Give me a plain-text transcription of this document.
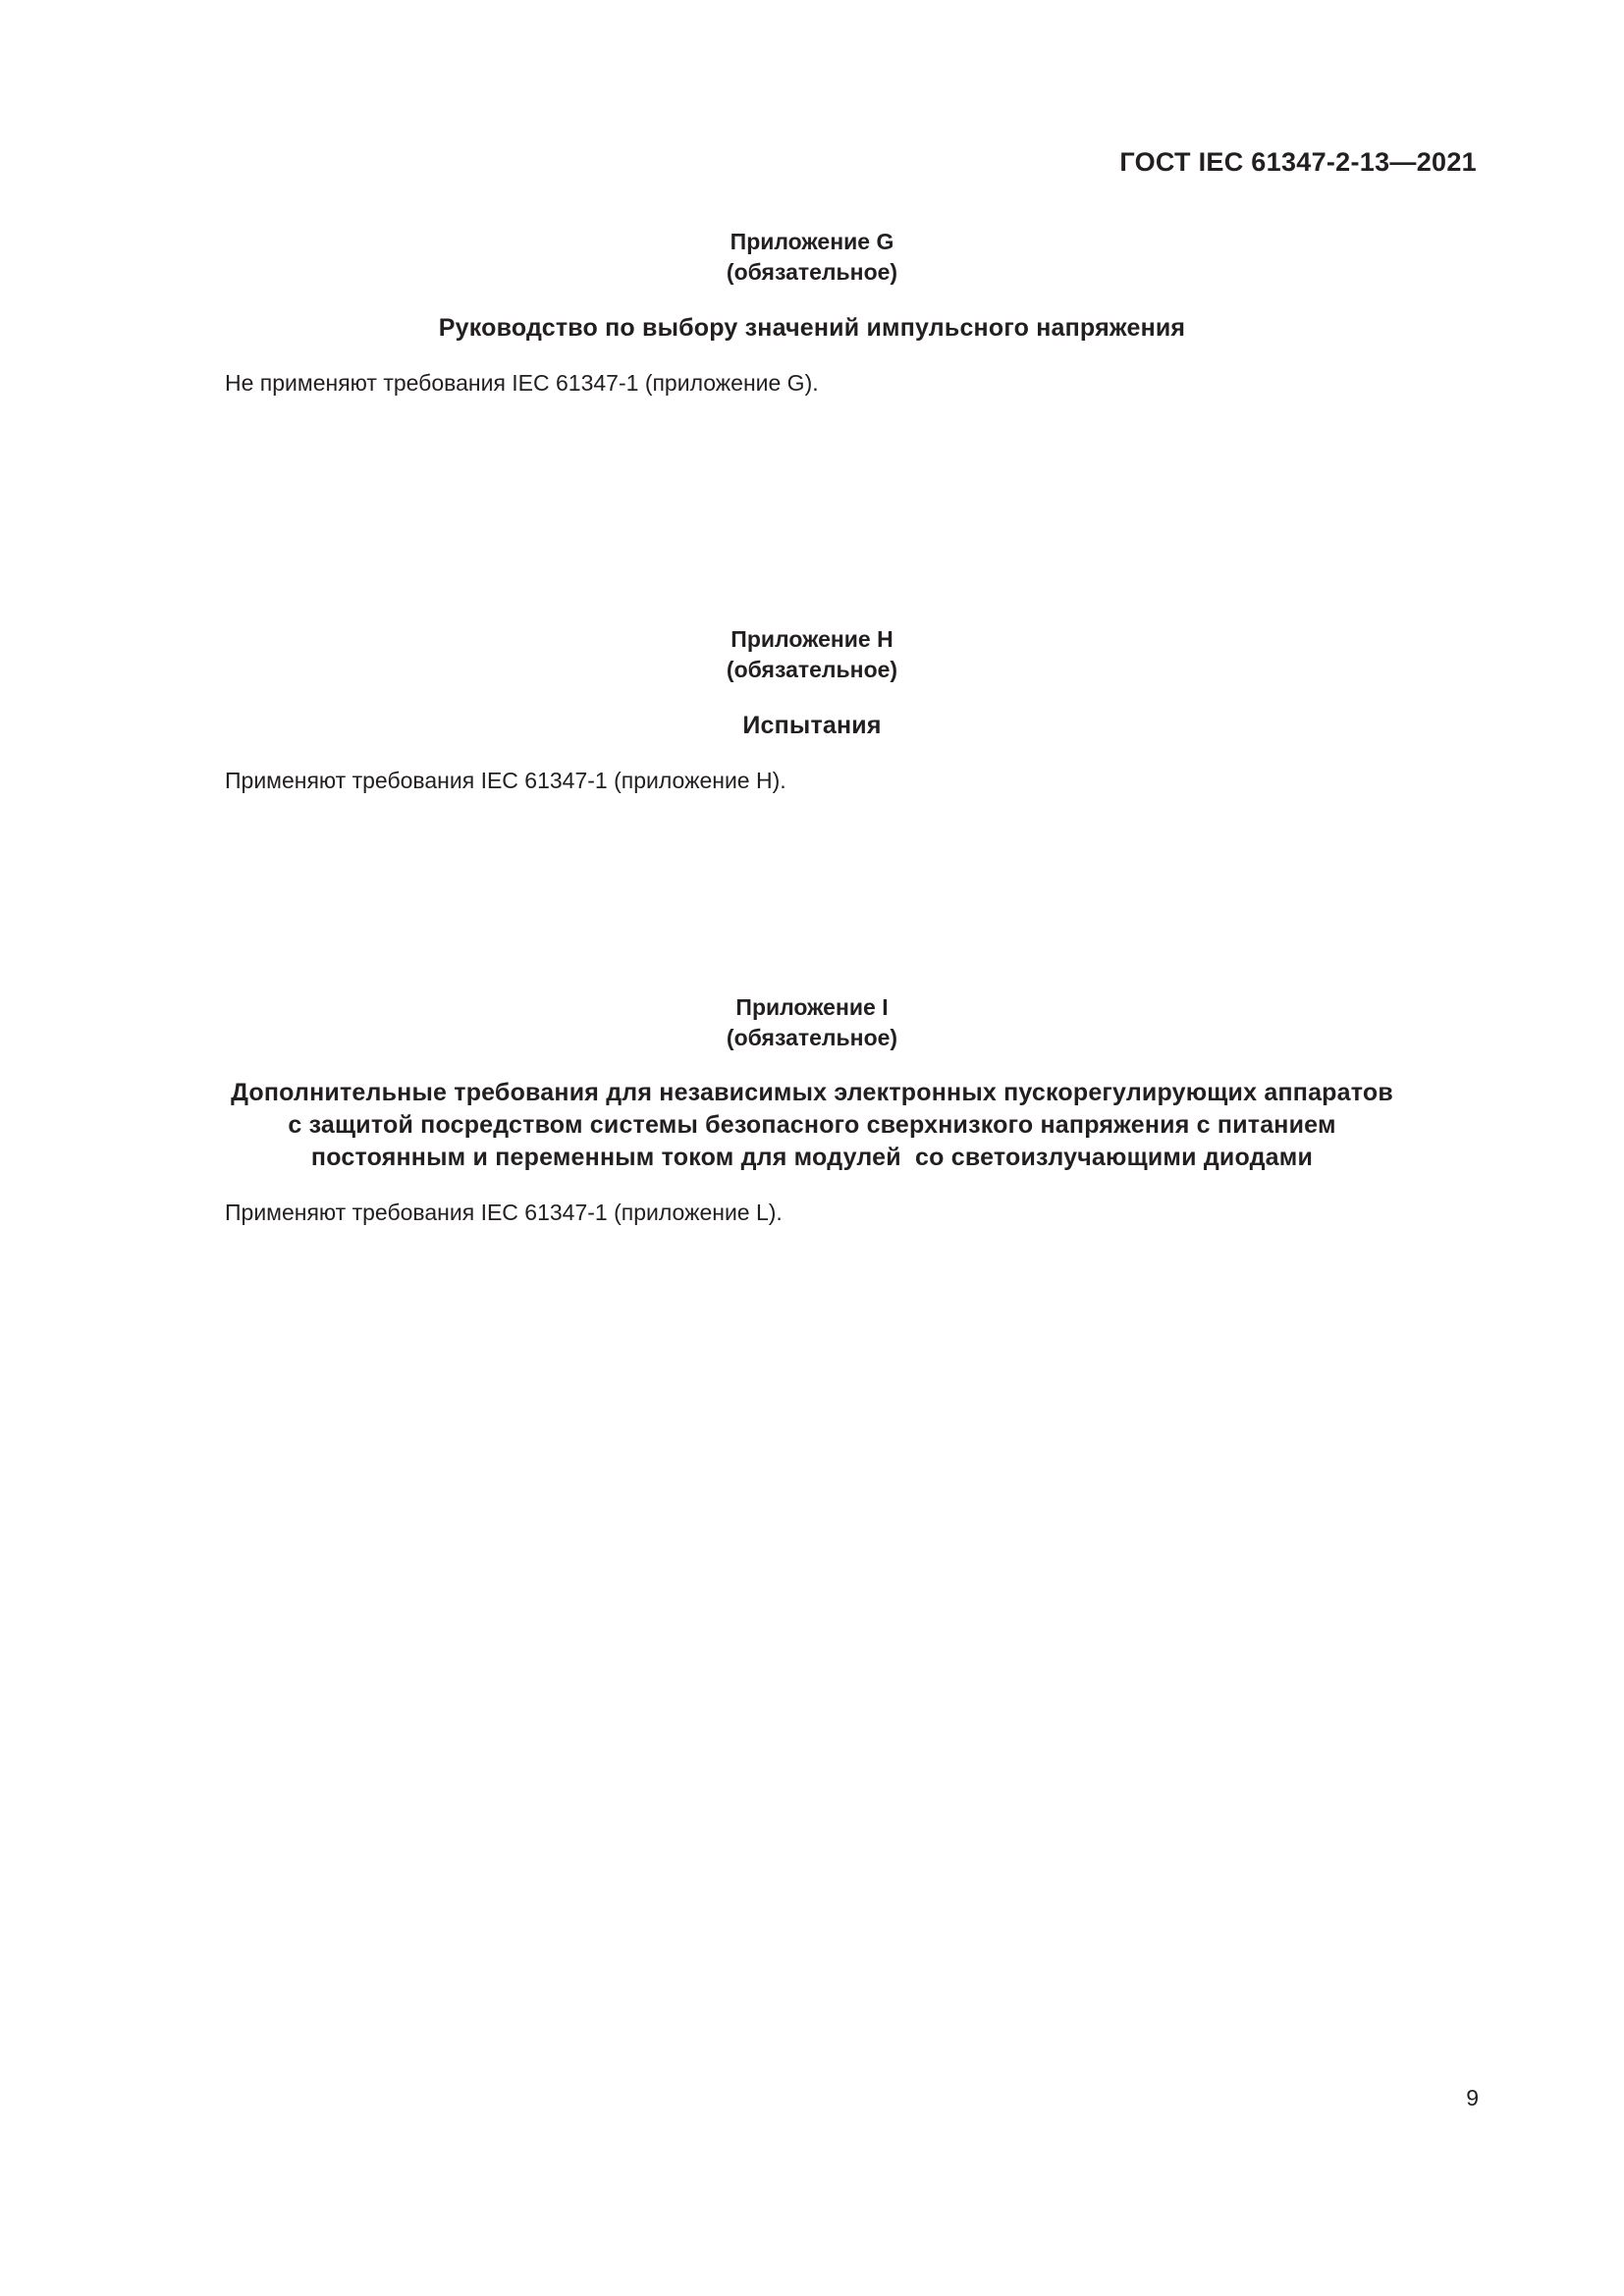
ГОСТ IEC 61347-2-13—2021
Приложение G
(обязательное)
Руководство по выбору значений импульсного напряжения
Не применяют требования IEC 61347-1 (приложение G).
Приложение H
(обязательное)
Испытания
Применяют требования IEC 61347-1 (приложение H).
Приложение I
(обязательное)
Дополнительные требования для независимых электронных пускорегулирующих аппаратов
с защитой посредством системы безопасного сверхнизкого напряжения с питанием
постоянным и переменным током для модулей  со светоизлучающими диодами
Применяют требования IEC 61347-1 (приложение L).
9
